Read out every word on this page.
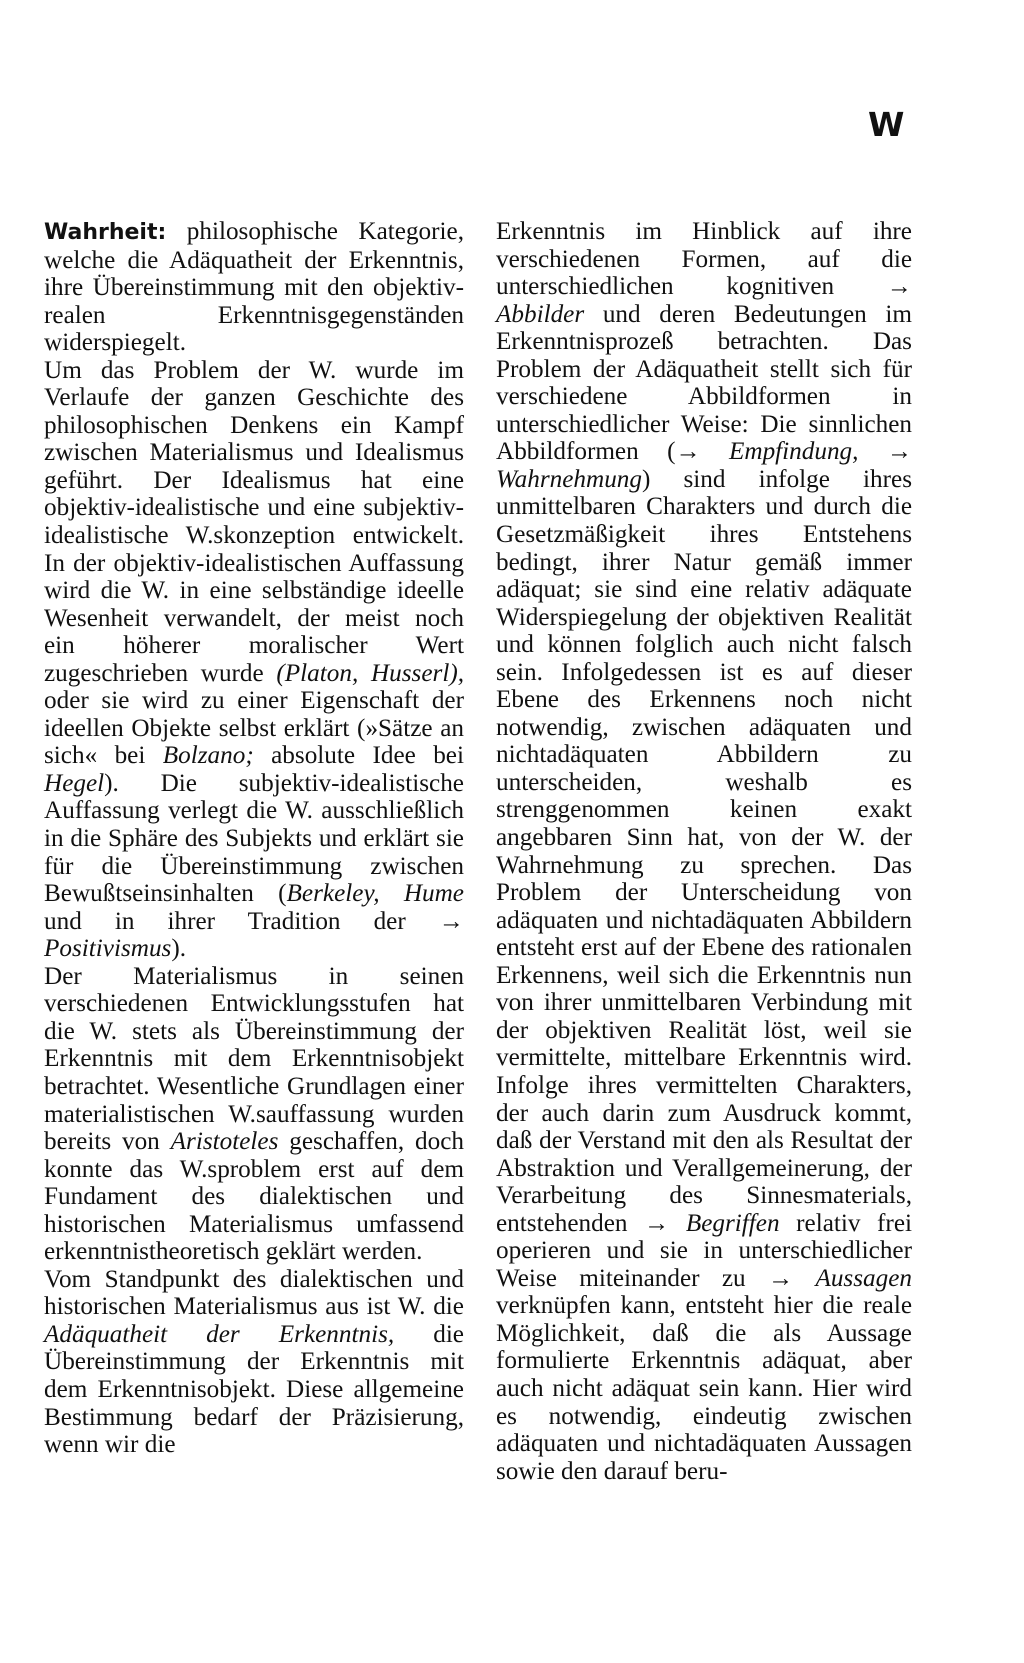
W

Wahrheit: philosophische Kategorie, welche die Adäquatheit der Erkenntnis, ihre Übereinstimmung mit den objektiv-realen Erkenntnisgegenständen widerspiegelt.

Um das Problem der W. wurde im Verlaufe der ganzen Geschichte des philosophischen Denkens ein Kampf zwischen Materialismus und Idealismus geführt. Der Idealismus hat eine objektiv-idealistische und eine subjektiv-idealistische W.skonzeption entwickelt. In der objektiv-idealistischen Auffassung wird die W. in eine selbständige ideelle Wesenheit verwandelt, der meist noch ein höherer moralischer Wert zugeschrieben wurde (Platon, Husserl), oder sie wird zu einer Eigenschaft der ideellen Objekte selbst erklärt (»Sätze an sich« bei Bolzano; absolute Idee bei Hegel). Die subjektiv-idealistische Auffassung verlegt die W. ausschließlich in die Sphäre des Subjekts und erklärt sie für die Übereinstimmung zwischen Bewußtseinsinhalten (Berkeley, Hume und in ihrer Tradition der → Positivismus).

Der Materialismus in seinen verschiedenen Entwicklungsstufen hat die W. stets als Übereinstimmung der Erkenntnis mit dem Erkenntnisobjekt betrachtet. Wesentliche Grundlagen einer materialistischen W.sauffassung wurden bereits von Aristoteles geschaffen, doch konnte das W.sproblem erst auf dem Fundament des dialektischen und historischen Materialismus umfassend erkenntnistheoretisch geklärt werden.

Vom Standpunkt des dialektischen und historischen Materialismus aus ist W. die Adäquatheit der Erkenntnis, die Übereinstimmung der Erkenntnis mit dem Erkenntnisobjekt. Diese allgemeine Bestimmung bedarf der Präzisierung, wenn wir die

Erkenntnis im Hinblick auf ihre verschiedenen Formen, auf die unterschiedlichen kognitiven → Abbilder und deren Bedeutungen im Erkenntnisprozeß betrachten. Das Problem der Adäquatheit stellt sich für verschiedene Abbildformen in unterschiedlicher Weise: Die sinnlichen Abbildformen (→ Empfindung, → Wahrnehmung) sind infolge ihres unmittelbaren Charakters und durch die Gesetzmäßigkeit ihres Entstehens bedingt, ihrer Natur gemäß immer adäquat; sie sind eine relativ adäquate Widerspiegelung der objektiven Realität und können folglich auch nicht falsch sein. Infolgedessen ist es auf dieser Ebene des Erkennens noch nicht notwendig, zwischen adäquaten und nichtadäquaten Abbildern zu unterscheiden, weshalb es strenggenommen keinen exakt angebbaren Sinn hat, von der W. der Wahrnehmung zu sprechen. Das Problem der Unterscheidung von adäquaten und nichtadäquaten Abbildern entsteht erst auf der Ebene des rationalen Erkennens, weil sich die Erkenntnis nun von ihrer unmittelbaren Verbindung mit der objektiven Realität löst, weil sie vermittelte, mittelbare Erkenntnis wird. Infolge ihres vermittelten Charakters, der auch darin zum Ausdruck kommt, daß der Verstand mit den als Resultat der Abstraktion und Verallgemeinerung, der Verarbeitung des Sinnesmaterials, entstehenden → Begriffen relativ frei operieren und sie in unterschiedlicher Weise miteinander zu → Aussagen verknüpfen kann, entsteht hier die reale Möglichkeit, daß die als Aussage formulierte Erkenntnis adäquat, aber auch nicht adäquat sein kann. Hier wird es notwendig, eindeutig zwischen adäquaten und nichtadäquaten Aussagen sowie den darauf beru-
